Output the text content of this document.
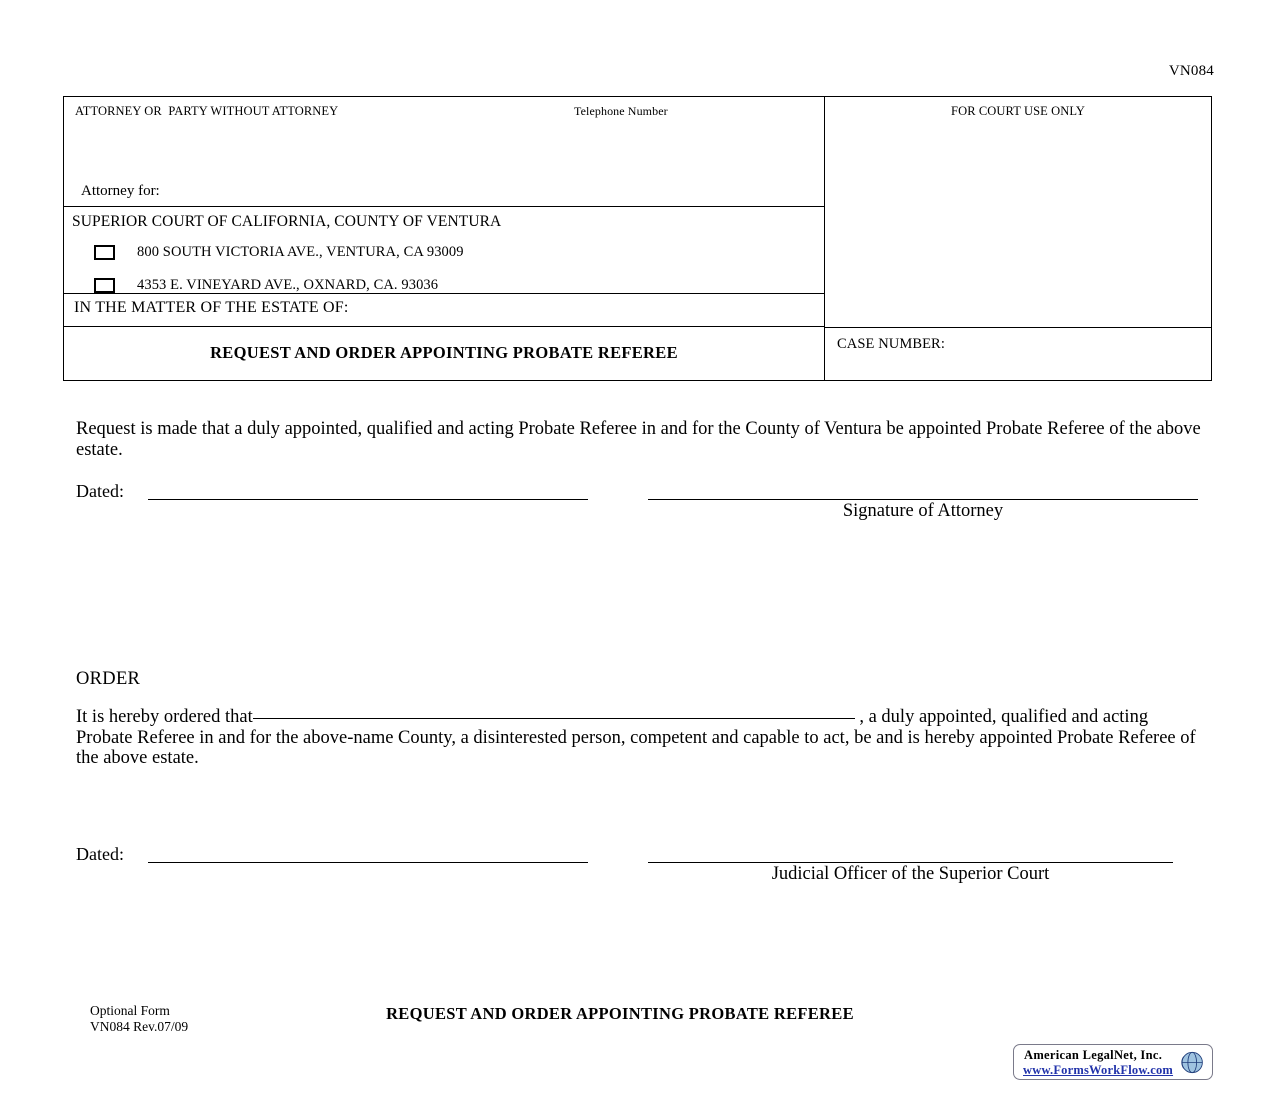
VN084
ATTORNEY OR  PARTY WITHOUT ATTORNEY	Telephone Number
Attorney for:
SUPERIOR COURT OF CALIFORNIA, COUNTY OF VENTURA
800 SOUTH VICTORIA AVE., VENTURA, CA 93009
4353 E. VINEYARD AVE., OXNARD, CA. 93036
IN THE MATTER OF THE ESTATE OF:
REQUEST AND ORDER APPOINTING PROBATE REFEREE
FOR COURT USE ONLY
CASE NUMBER:
Request is made that a duly appointed, qualified and acting Probate Referee in and for the County of Ventura be appointed Probate Referee of the above estate.
Dated:
Signature of Attorney
ORDER
It is hereby ordered that	, a duly appointed, qualified and acting Probate Referee in and for the above-name County, a disinterested person, competent and capable to act, be and is hereby appointed Probate Referee of the above estate.
Dated:
Judicial Officer of the Superior Court
Optional Form
VN084 Rev.07/09
REQUEST AND ORDER APPOINTING PROBATE REFEREE
American LegalNet, Inc.
www.FormsWorkFlow.com
